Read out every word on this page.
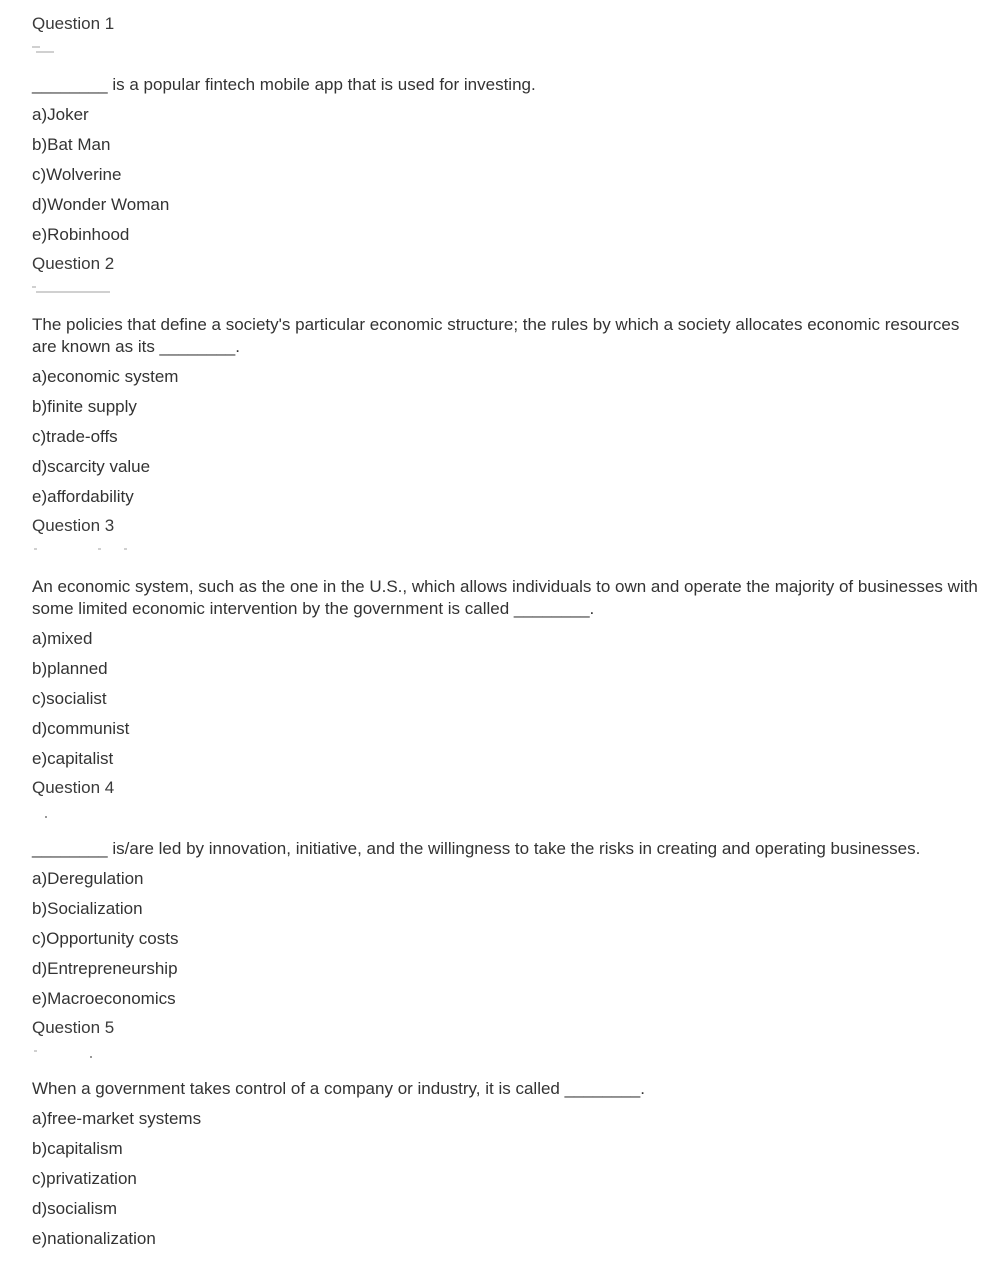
Question 1
________ is a popular fintech mobile app that is used for investing.
a)Joker
b)Bat Man
c)Wolverine
d)Wonder Woman
e)Robinhood
Question 2
The policies that define a society's particular economic structure; the rules by which a society allocates economic resources are known as its ________.
a)economic system
b)finite supply
c)trade-offs
d)scarcity value
e)affordability
Question 3
An economic system, such as the one in the U.S., which allows individuals to own and operate the majority of businesses with some limited economic intervention by the government is called ________.
a)mixed
b)planned
c)socialist
d)communist
e)capitalist
Question 4
________ is/are led by innovation, initiative, and the willingness to take the risks in creating and operating businesses.
a)Deregulation
b)Socialization
c)Opportunity costs
d)Entrepreneurship
e)Macroeconomics
Question 5
When a government takes control of a company or industry, it is called ________.
a)free-market systems
b)capitalism
c)privatization
d)socialism
e)nationalization
